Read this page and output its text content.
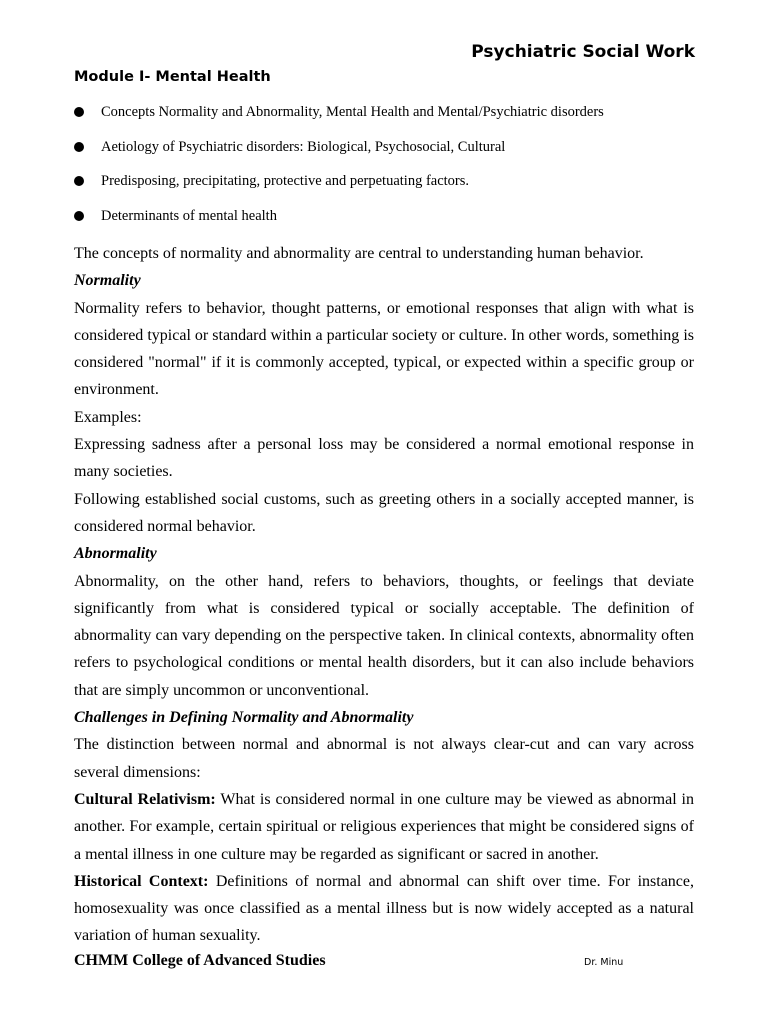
Psychiatric Social Work
Module I- Mental Health
Concepts Normality and Abnormality, Mental Health and Mental/Psychiatric disorders
Aetiology of Psychiatric disorders: Biological, Psychosocial, Cultural
Predisposing, precipitating, protective and perpetuating factors.
Determinants of mental health

The concepts of normality and abnormality are central to understanding human behavior.

Normality

Normality refers to behavior, thought patterns, or emotional responses that align with what is considered typical or standard within a particular society or culture. In other words, something is considered "normal" if it is commonly accepted, typical, or expected within a specific group or environment.

Examples:

Expressing sadness after a personal loss may be considered a normal emotional response in many societies.

Following established social customs, such as greeting others in a socially accepted manner, is considered normal behavior.

Abnormality

Abnormality, on the other hand, refers to behaviors, thoughts, or feelings that deviate significantly from what is considered typical or socially acceptable. The definition of abnormality can vary depending on the perspective taken. In clinical contexts, abnormality often refers to psychological conditions or mental health disorders, but it can also include behaviors that are simply uncommon or unconventional.

Challenges in Defining Normality and Abnormality

The distinction between normal and abnormal is not always clear-cut and can vary across several dimensions:

Cultural Relativism: What is considered normal in one culture may be viewed as abnormal in another. For example, certain spiritual or religious experiences that might be considered signs of a mental illness in one culture may be regarded as significant or sacred in another.

Historical Context: Definitions of normal and abnormal can shift over time. For instance, homosexuality was once classified as a mental illness but is now widely accepted as a natural variation of human sexuality.

CHMM College of Advanced Studies	Dr. Minu
